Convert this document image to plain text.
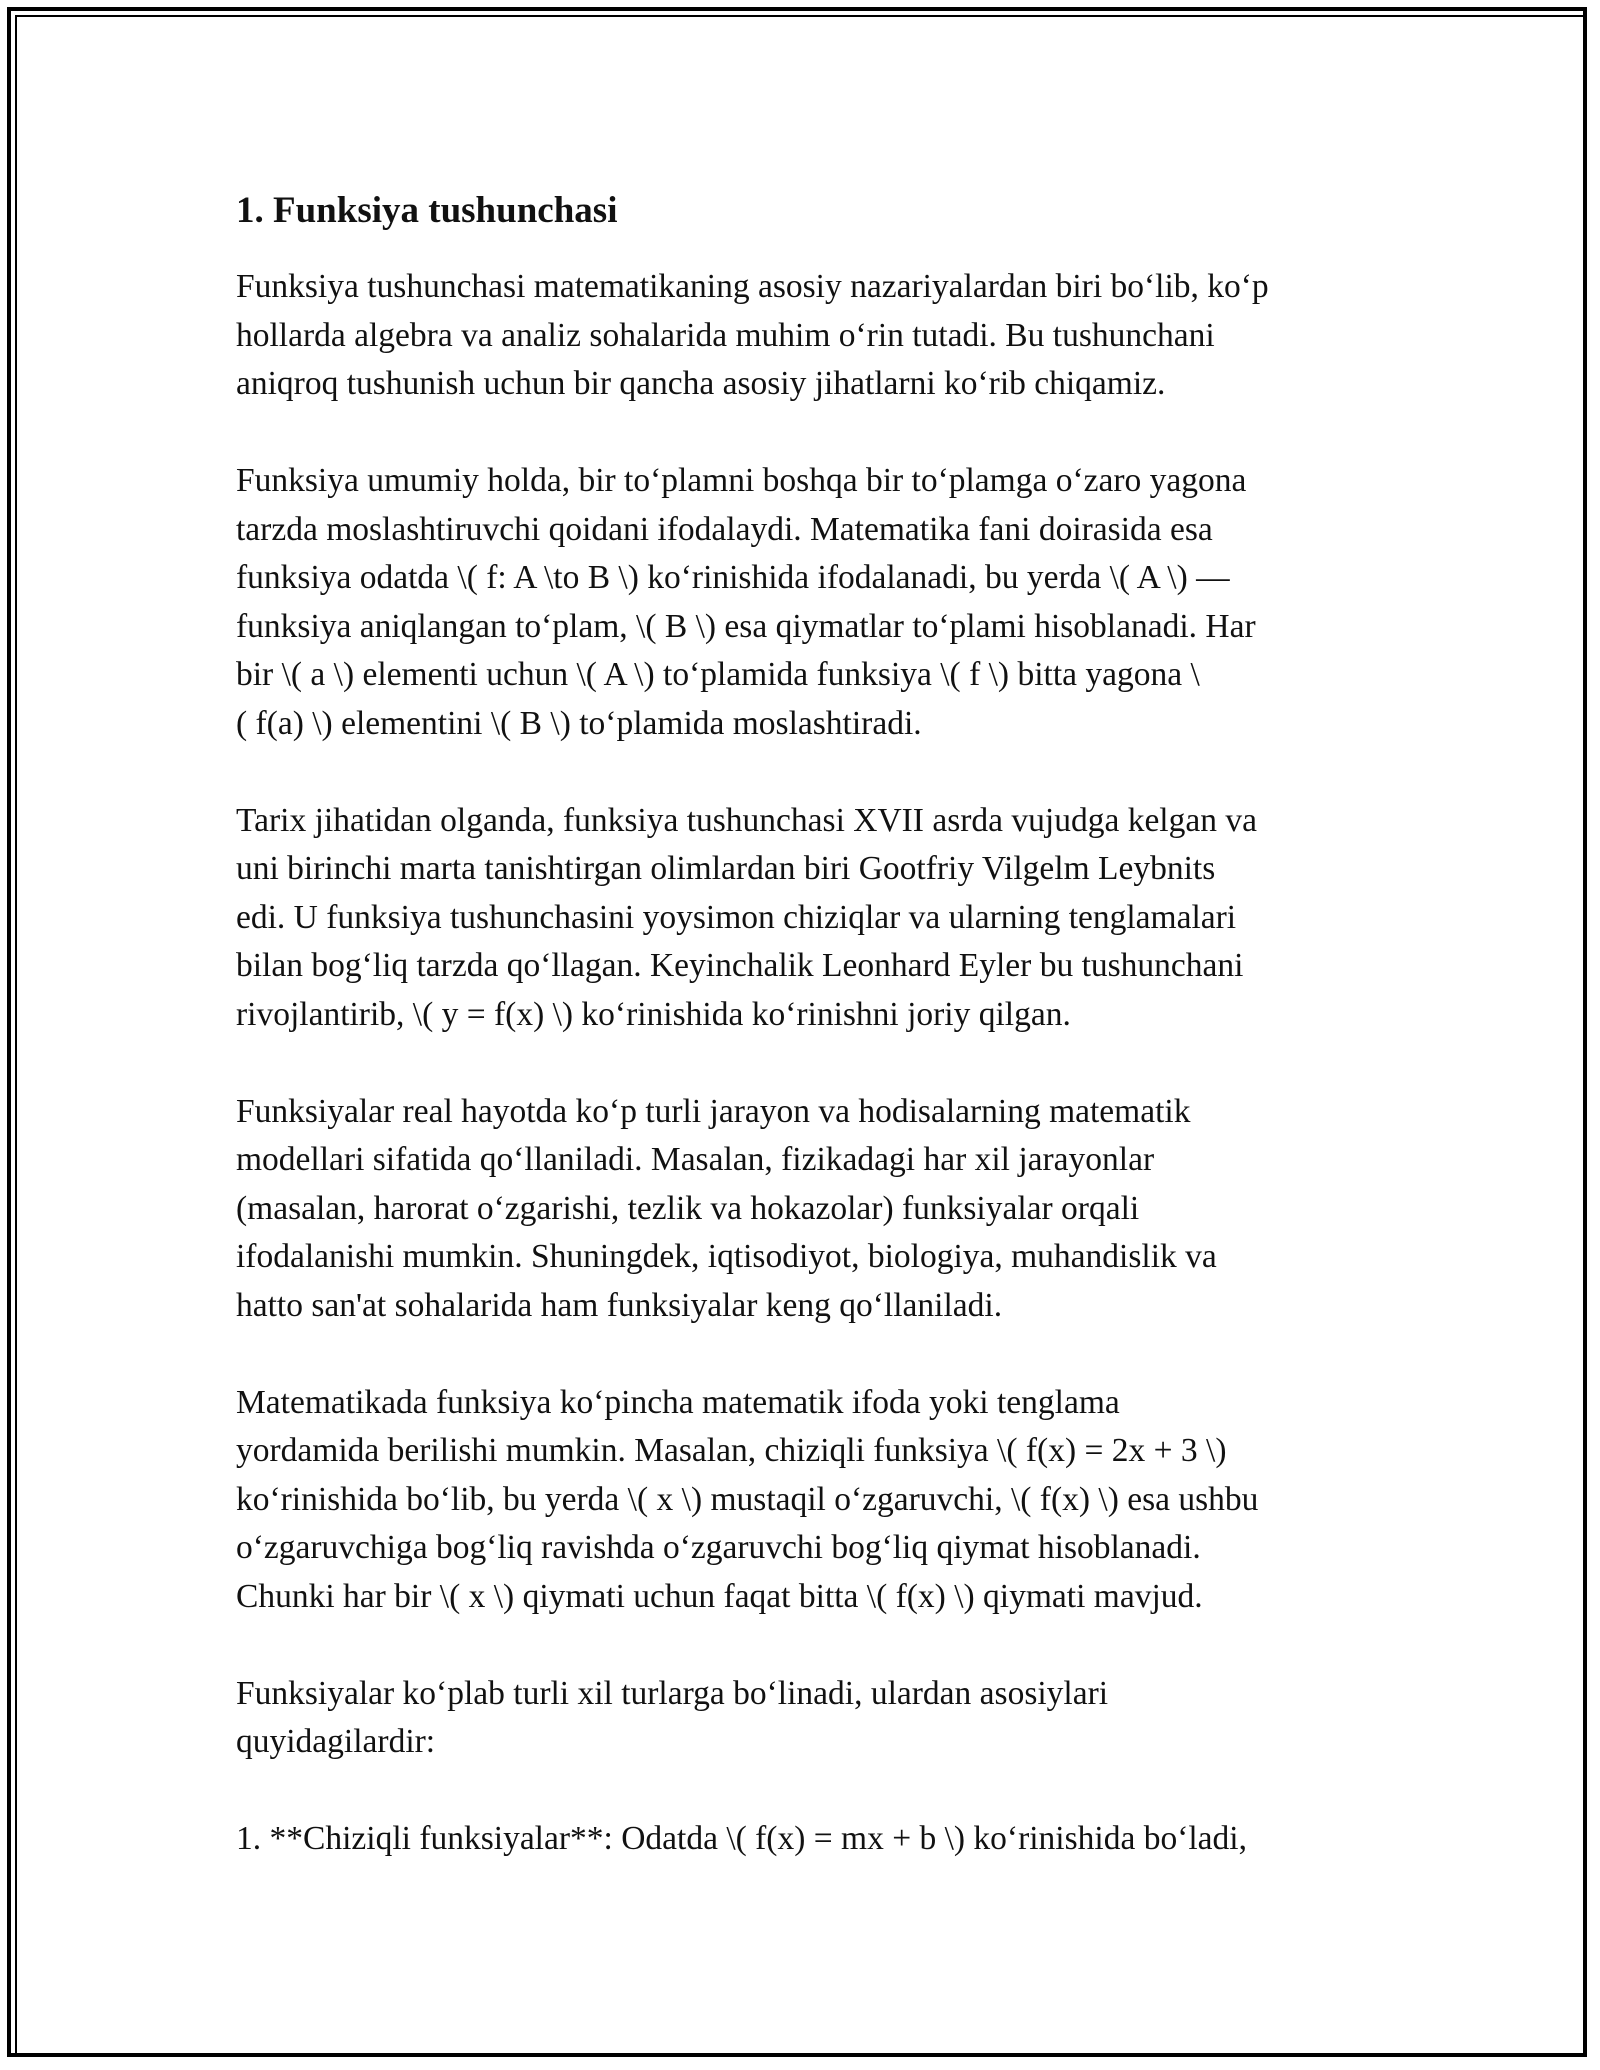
1. Funksiya tushunchasi

Funksiya tushunchasi matematikaning asosiy nazariyalardan biri bo‘lib, ko‘p
hollarda algebra va analiz sohalarida muhim o‘rin tutadi. Bu tushunchani
aniqroq tushunish uchun bir qancha asosiy jihatlarni ko‘rib chiqamiz.

Funksiya umumiy holda, bir to‘plamni boshqa bir to‘plamga o‘zaro yagona
tarzda moslashtiruvchi qoidani ifodalaydi. Matematika fani doirasida esa
funksiya odatda \( f: A \to B \) ko‘rinishida ifodalanadi, bu yerda \( A \) —
funksiya aniqlangan to‘plam, \( B \) esa qiymatlar to‘plami hisoblanadi. Har
bir \( a \) elementi uchun \( A \) to‘plamida funksiya \( f \) bitta yagona \
( f(a) \) elementini \( B \) to‘plamida moslashtiradi.

Tarix jihatidan olganda, funksiya tushunchasi XVII asrda vujudga kelgan va
uni birinchi marta tanishtirgan olimlardan biri Gootfriy Vilgelm Leybnits
edi. U funksiya tushunchasini yoysimon chiziqlar va ularning tenglamalari
bilan bog‘liq tarzda qo‘llagan. Keyinchalik Leonhard Eyler bu tushunchani
rivojlantirib, \( y = f(x) \) ko‘rinishida ko‘rinishni joriy qilgan.

Funksiyalar real hayotda ko‘p turli jarayon va hodisalarning matematik
modellari sifatida qo‘llaniladi. Masalan, fizikadagi har xil jarayonlar
(masalan, harorat o‘zgarishi, tezlik va hokazolar) funksiyalar orqali
ifodalanishi mumkin. Shuningdek, iqtisodiyot, biologiya, muhandislik va
hatto san'at sohalarida ham funksiyalar keng qo‘llaniladi.

Matematikada funksiya ko‘pincha matematik ifoda yoki tenglama
yordamida berilishi mumkin. Masalan, chiziqli funksiya \( f(x) = 2x + 3 \)
ko‘rinishida bo‘lib, bu yerda \( x \) mustaqil o‘zgaruvchi, \( f(x) \) esa ushbu
o‘zgaruvchiga bog‘liq ravishda o‘zgaruvchi bog‘liq qiymat hisoblanadi.
Chunki har bir \( x \) qiymati uchun faqat bitta \( f(x) \) qiymati mavjud.

Funksiyalar ko‘plab turli xil turlarga bo‘linadi, ulardan asosiylari
quyidagilardir:

1. **Chiziqli funksiyalar**: Odatda \( f(x) = mx + b \) ko‘rinishida bo‘ladi,
